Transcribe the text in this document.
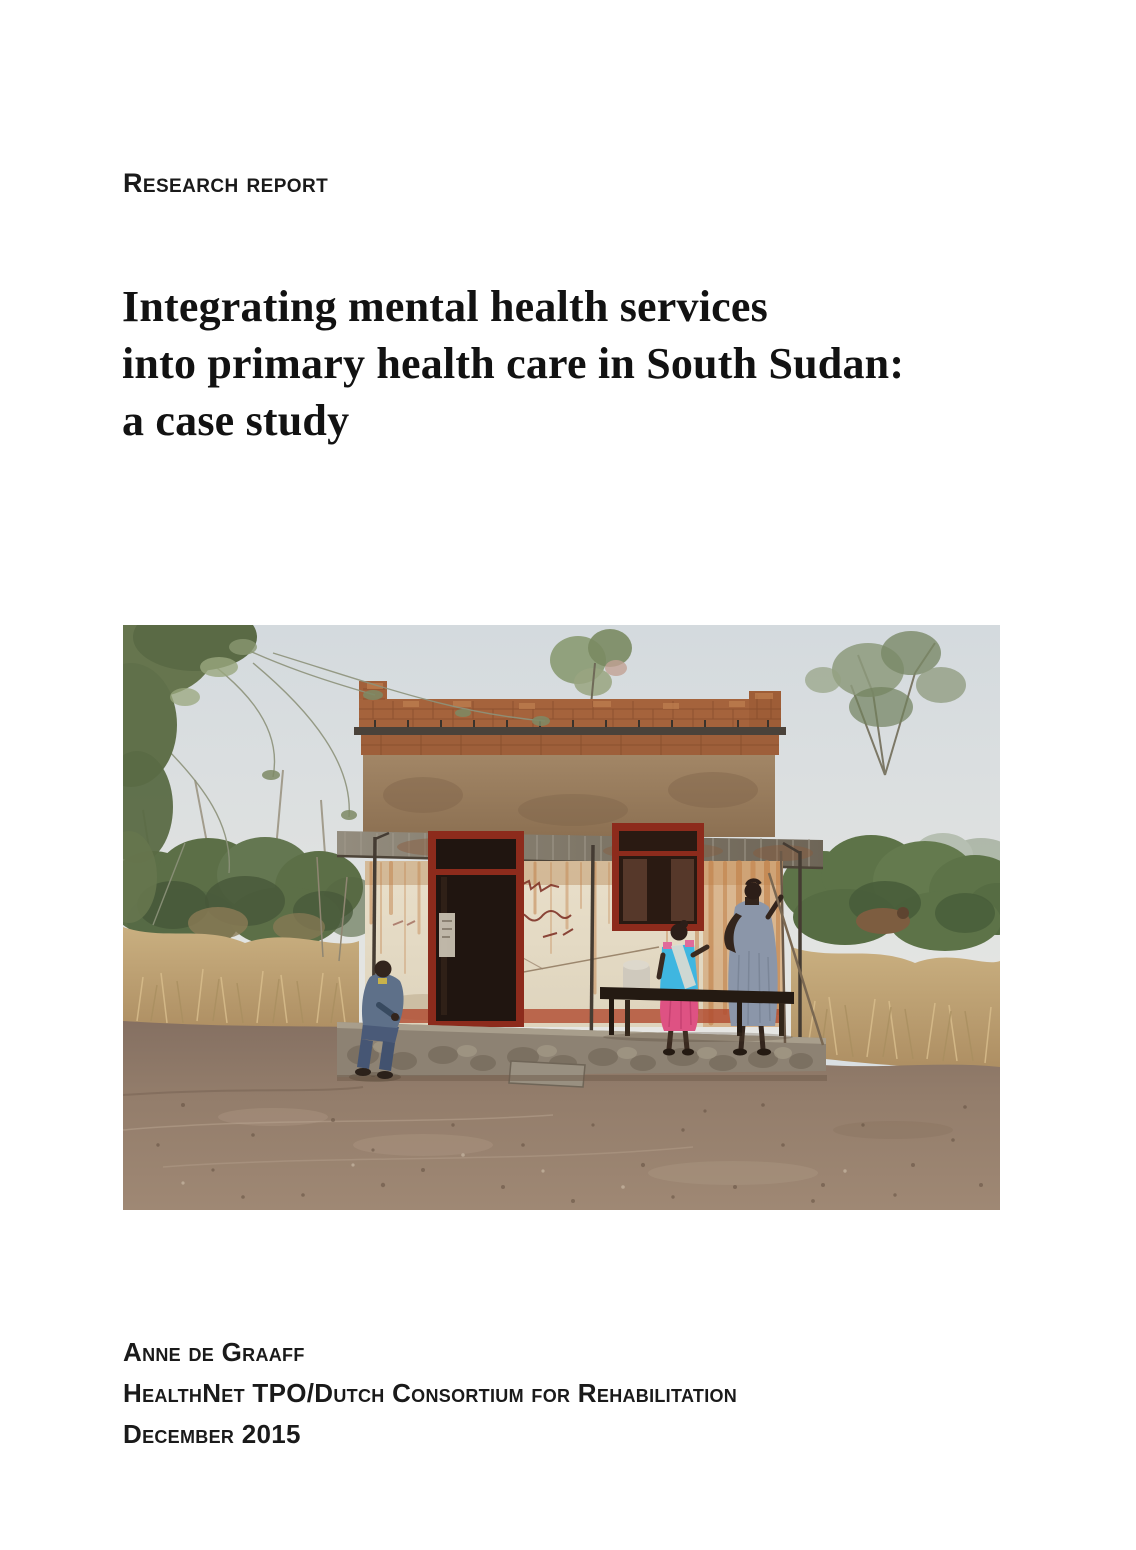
Research report
Integrating mental health services
into primary health care in South Sudan:
a case study
Anne de Graaff
HealthNet TPO/Dutch Consortium for Rehabilitation
December 2015
